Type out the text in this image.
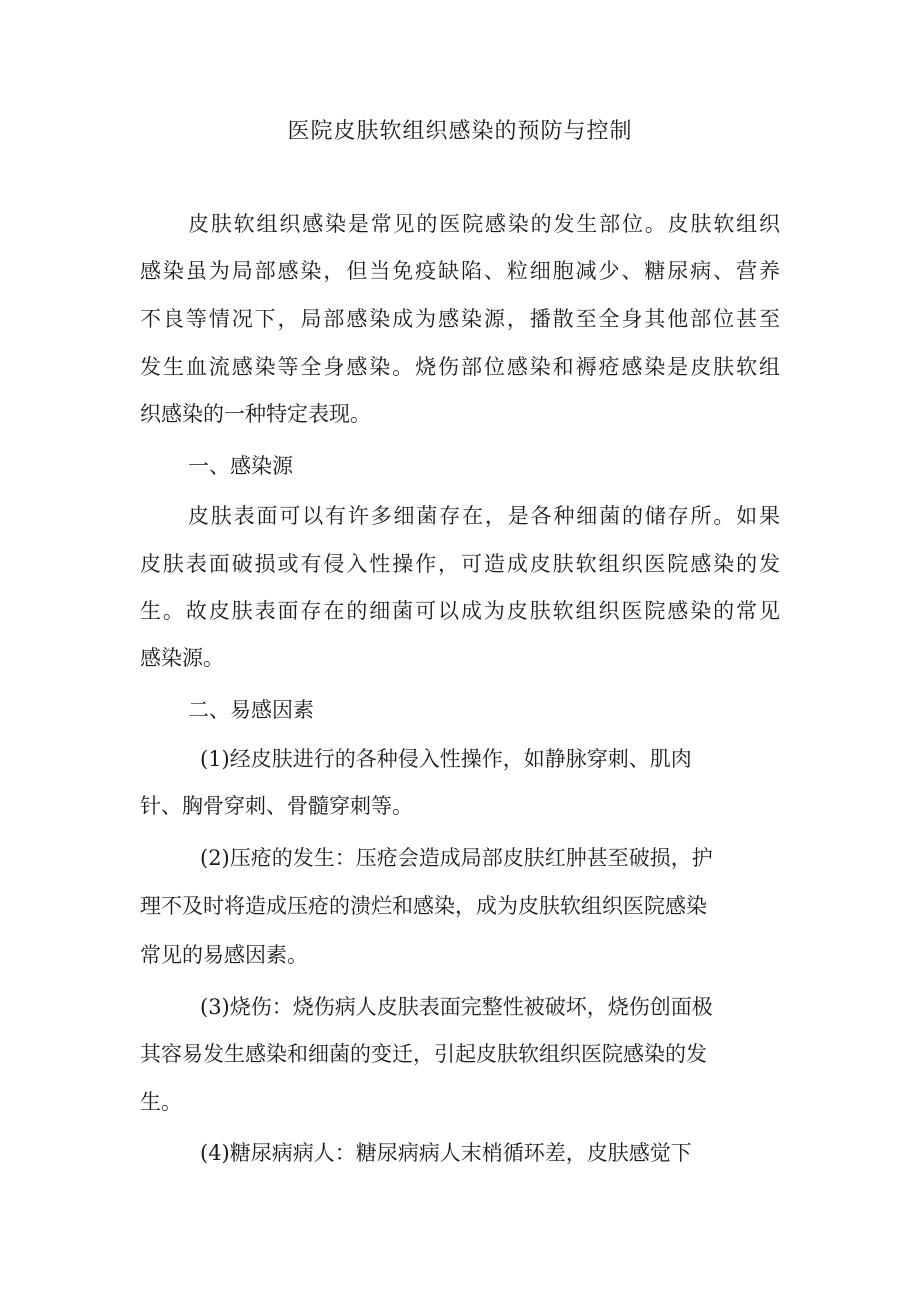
医院皮肤软组织感染的预防与控制

皮肤软组织感染是常见的医院感染的发生部位。皮肤软组织

感染虽为局部感染，但当免疫缺陷、粒细胞减少、糖尿病、营养

不良等情况下，局部感染成为感染源，播散至全身其他部位甚至

发生血流感染等全身感染。烧伤部位感染和褥疮感染是皮肤软组

织感染的一种特定表现。

一、感染源

皮肤表面可以有许多细菌存在，是各种细菌的储存所。如果

皮肤表面破损或有侵入性操作，可造成皮肤软组织医院感染的发

生。故皮肤表面存在的细菌可以成为皮肤软组织医院感染的常见

感染源。

二、易感因素

(1)经皮肤进行的各种侵入性操作，如静脉穿刺、肌肉

针、胸骨穿刺、骨髓穿刺等。

(2)压疮的发生：压疮会造成局部皮肤红肿甚至破损，护

理不及时将造成压疮的溃烂和感染，成为皮肤软组织医院感染

常见的易感因素。

(3)烧伤：烧伤病人皮肤表面完整性被破坏，烧伤创面极

其容易发生感染和细菌的变迁，引起皮肤软组织医院感染的发

生。

(4)糖尿病病人：糖尿病病人末梢循环差，皮肤感觉下
